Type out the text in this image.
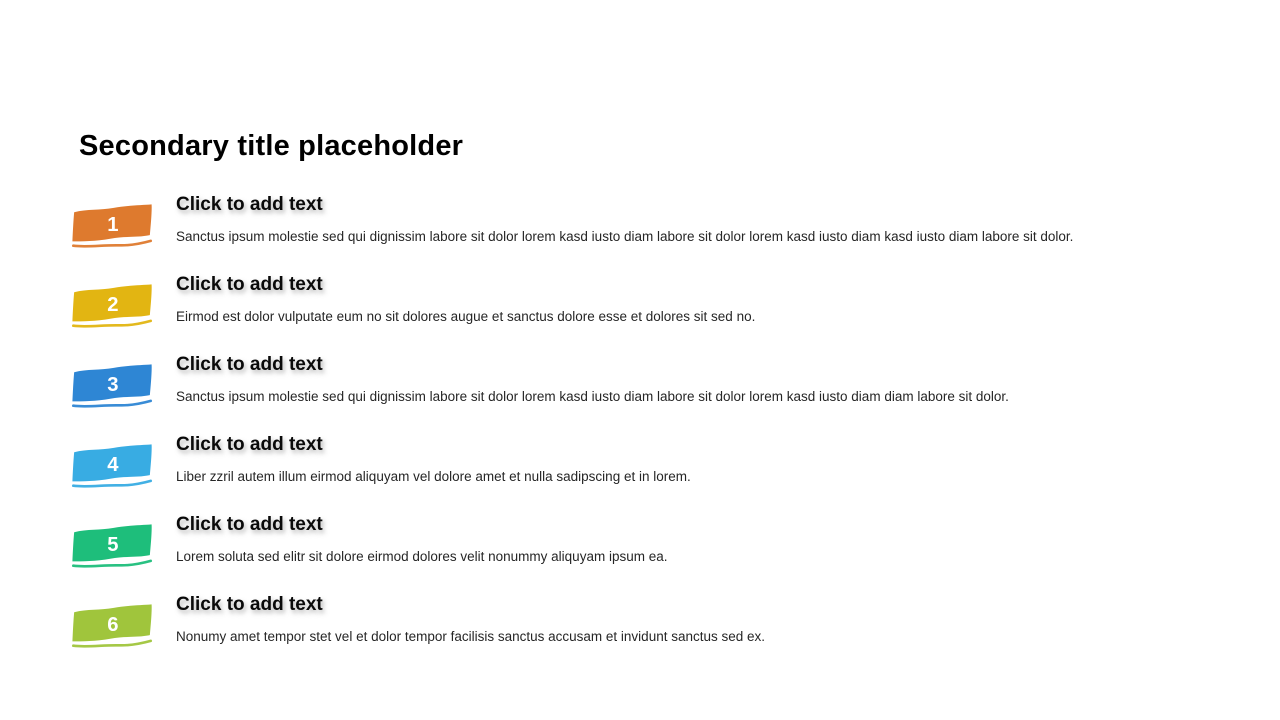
Secondary title placeholder
1
Click to add text
Sanctus ipsum molestie sed qui dignissim labore sit dolor lorem kasd iusto diam labore sit dolor lorem kasd iusto diam kasd iusto diam labore sit dolor.
2
Click to add text
Eirmod est dolor vulputate eum no sit dolores augue et sanctus dolore esse et dolores sit sed no.
3
Click to add text
Sanctus ipsum molestie sed qui dignissim labore sit dolor lorem kasd iusto diam labore sit dolor lorem kasd iusto diam diam labore sit dolor.
4
Click to add text
Liber zzril autem illum eirmod aliquyam vel dolore amet et nulla sadipscing et in lorem.
5
Click to add text
Lorem soluta sed elitr sit dolore eirmod dolores velit nonummy aliquyam ipsum ea.
6
Click to add text
Nonumy amet tempor stet vel et dolor tempor facilisis sanctus accusam et invidunt sanctus sed ex.
